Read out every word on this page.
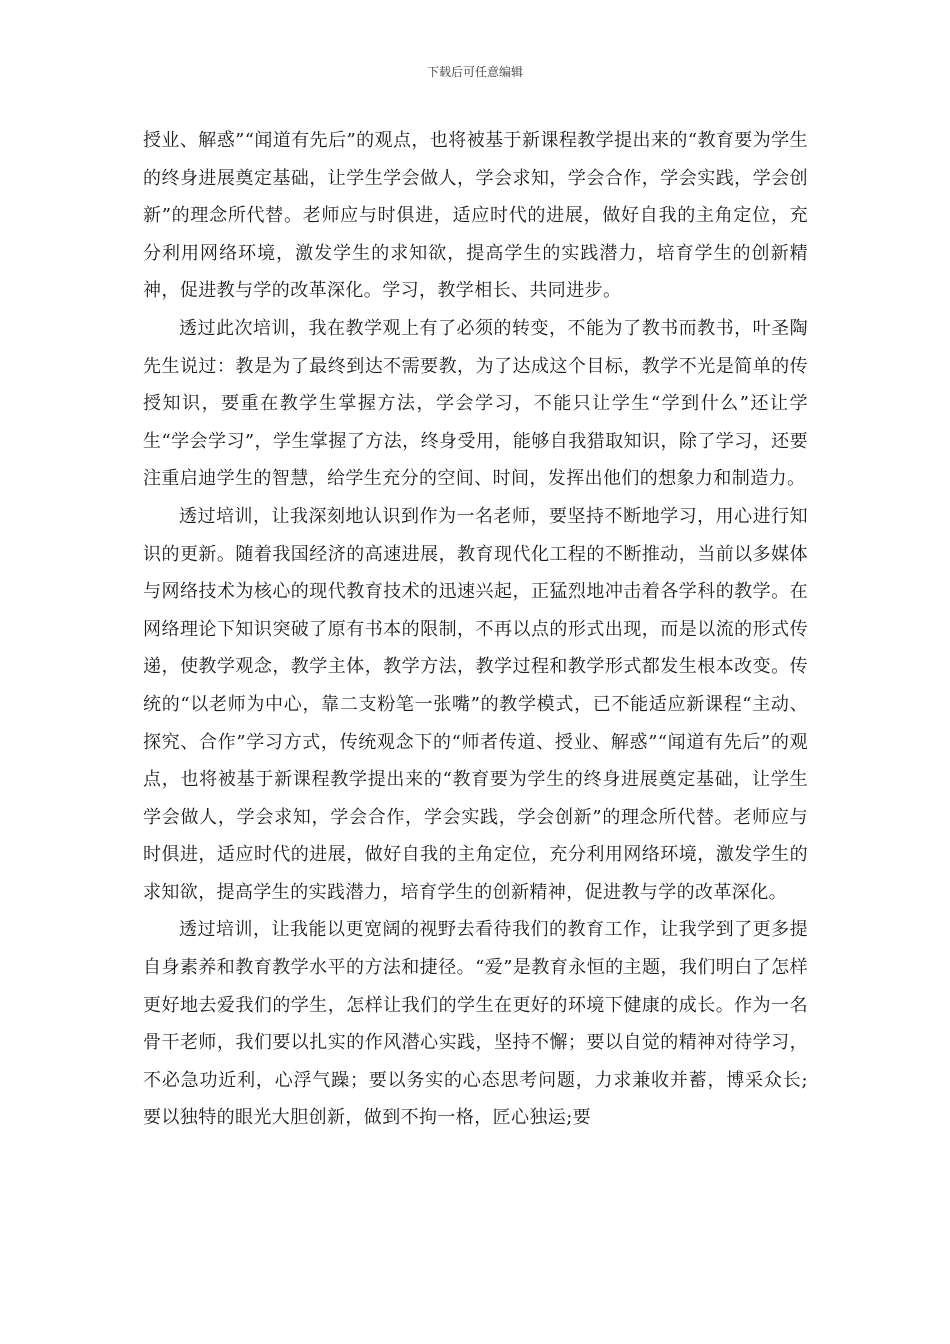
下载后可任意编辑

授业、解惑”“闻道有先后”的观点，也将被基于新课程教学提出来的“教育要为学生的终身进展奠定基础，让学生学会做人，学会求知，学会合作，学会实践，学会创新”的理念所代替。老师应与时俱进，适应时代的进展，做好自我的主角定位，充分利用网络环境，激发学生的求知欲，提高学生的实践潜力，培育学生的创新精神，促进教与学的改革深化。学习，教学相长、共同进步。

透过此次培训，我在教学观上有了必须的转变，不能为了教书而教书，叶圣陶先生说过：教是为了最终到达不需要教，为了达成这个目标，教学不光是简单的传授知识，要重在教学生掌握方法，学会学习，不能只让学生“学到什么”还让学生“学会学习”，学生掌握了方法，终身受用，能够自我猎取知识，除了学习，还要注重启迪学生的智慧，给学生充分的空间、时间，发挥出他们的想象力和制造力。

透过培训，让我深刻地认识到作为一名老师，要坚持不断地学习，用心进行知识的更新。随着我国经济的高速进展，教育现代化工程的不断推动，当前以多媒体与网络技术为核心的现代教育技术的迅速兴起，正猛烈地冲击着各学科的教学。在网络理论下知识突破了原有书本的限制，不再以点的形式出现，而是以流的形式传递，使教学观念，教学主体，教学方法，教学过程和教学形式都发生根本改变。传统的“以老师为中心，靠二支粉笔一张嘴”的教学模式，已不能适应新课程“主动、探究、合作”学习方式，传统观念下的“师者传道、授业、解惑”“闻道有先后”的观点，也将被基于新课程教学提出来的“教育要为学生的终身进展奠定基础，让学生学会做人，学会求知，学会合作，学会实践，学会创新”的理念所代替。老师应与时俱进，适应时代的进展，做好自我的主角定位，充分利用网络环境，激发学生的求知欲，提高学生的实践潜力，培育学生的创新精神，促进教与学的改革深化。

透过培训，让我能以更宽阔的视野去看待我们的教育工作，让我学到了更多提自身素养和教育教学水平的方法和捷径。“爱”是教育永恒的主题，我们明白了怎样更好地去爱我们的学生，怎样让我们的学生在更好的环境下健康的成长。作为一名骨干老师，我们要以扎实的作风潜心实践，坚持不懈；要以自觉的精神对待学习，不必急功近利，心浮气躁；要以务实的心态思考问题，力求兼收并蓄，博采众长;要以独特的眼光大胆创新，做到不拘一格，匠心独运;要
